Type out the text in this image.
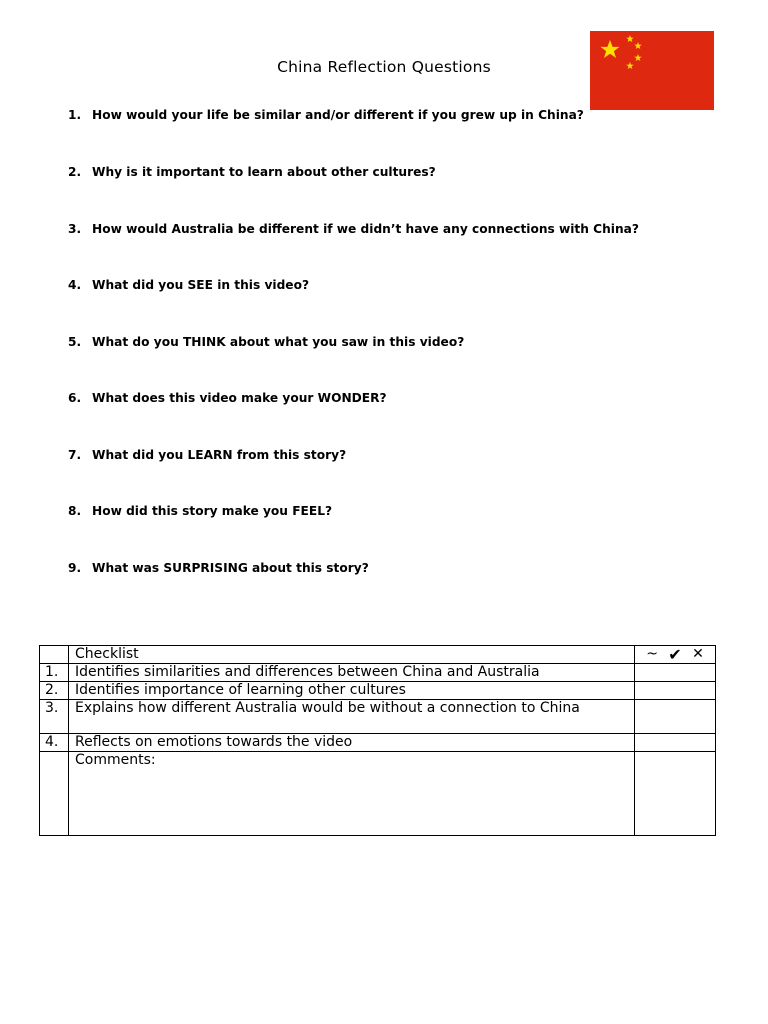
China Reflection Questions
1. How would your life be similar and/or different if you grew up in China?
2. Why is it important to learn about other cultures?
3. How would Australia be different if we didn’t have any connections with China?
4. What did you SEE in this video?
5. What do you THINK about what you saw in this video?
6. What does this video make your WONDER?
7. What did you LEARN from this story?
8. How did this story make you FEEL?
9. What was SURPRISING about this story?
	Checklist	~ ✔ ✕

1.	Identifies similarities and differences between China and Australia	
2.	Identifies importance of learning other cultures	
3.	Explains how different Australia would be without a connection to China	
4.	Reflects on emotions towards the video	
	Comments:	
